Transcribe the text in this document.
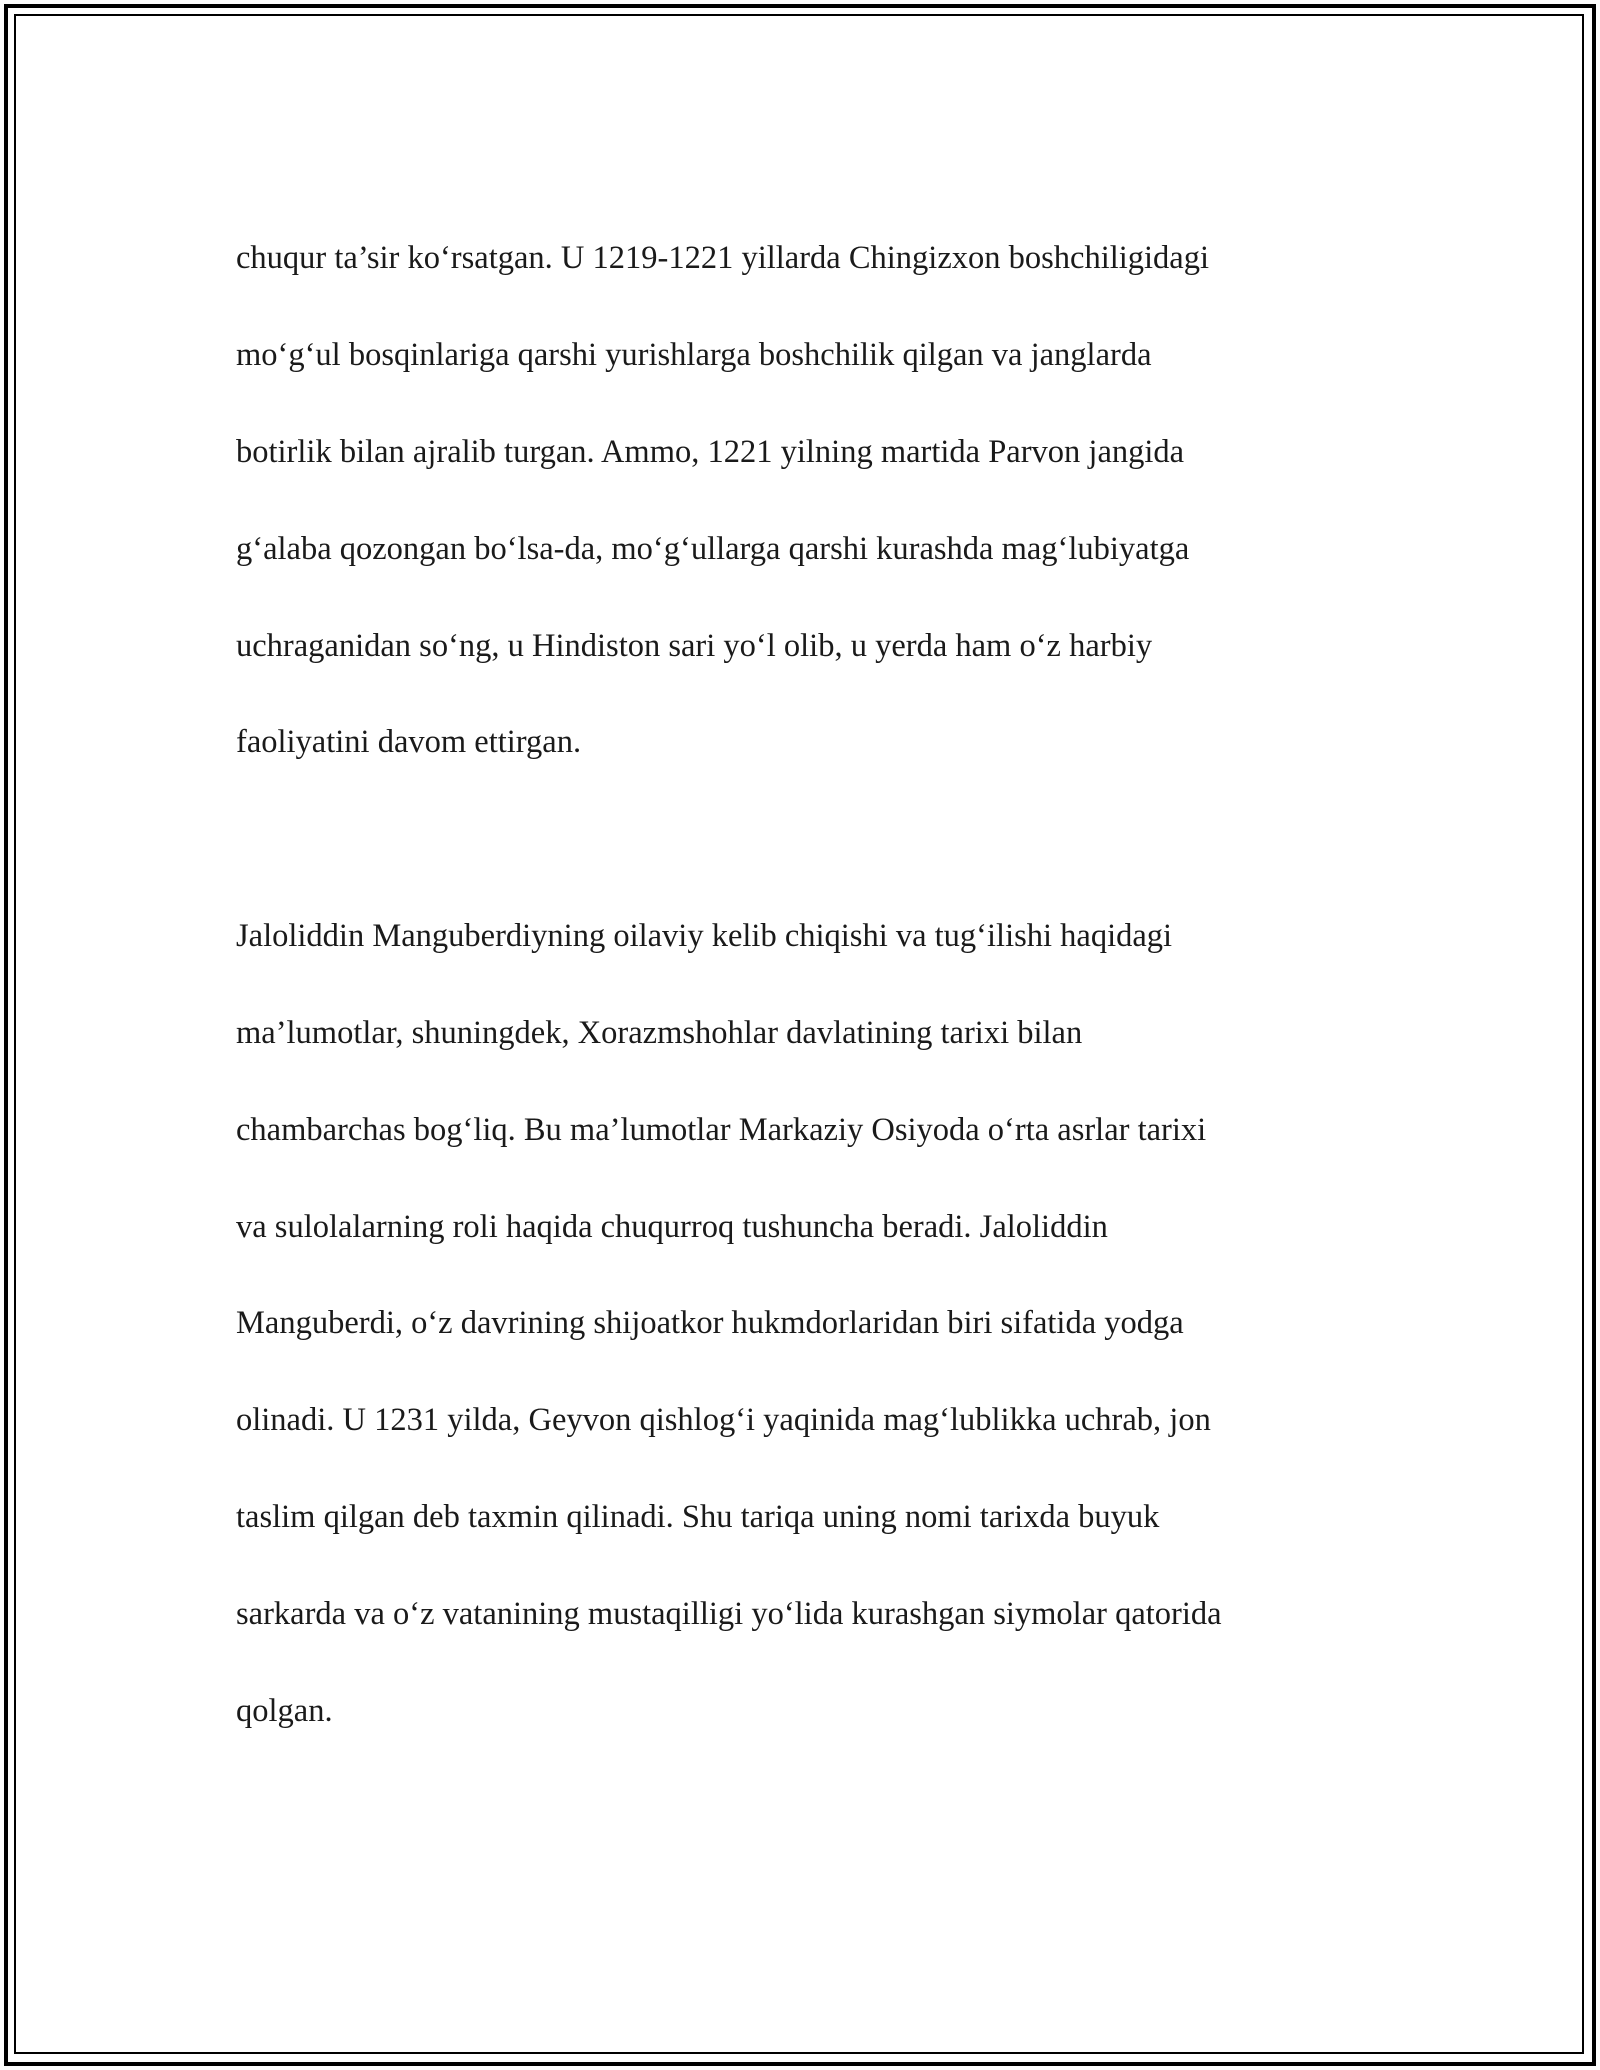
chuqur ta’sir ko‘rsatgan. U 1219-1221 yillarda Chingizxon boshchiligidagi

mo‘g‘ul bosqinlariga qarshi yurishlarga boshchilik qilgan va janglarda

botirlik bilan ajralib turgan. Ammo, 1221 yilning martida Parvon jangida

g‘alaba qozongan bo‘lsa-da, mo‘g‘ullarga qarshi kurashda mag‘lubiyatga

uchraganidan so‘ng, u Hindiston sari yo‘l olib, u yerda ham o‘z harbiy

faoliyatini davom ettirgan.

Jaloliddin Manguberdiyning oilaviy kelib chiqishi va tug‘ilishi haqidagi

ma’lumotlar, shuningdek, Xorazmshohlar davlatining tarixi bilan

chambarchas bog‘liq. Bu ma’lumotlar Markaziy Osiyoda o‘rta asrlar tarixi

va sulolalarning roli haqida chuqurroq tushuncha beradi. Jaloliddin

Manguberdi, o‘z davrining shijoatkor hukmdorlaridan biri sifatida yodga

olinadi. U 1231 yilda, Geyvon qishlog‘i yaqinida mag‘lublikka uchrab, jon

taslim qilgan deb taxmin qilinadi. Shu tariqa uning nomi tarixda buyuk

sarkarda va o‘z vatanining mustaqilligi yo‘lida kurashgan siymolar qatorida

qolgan.
